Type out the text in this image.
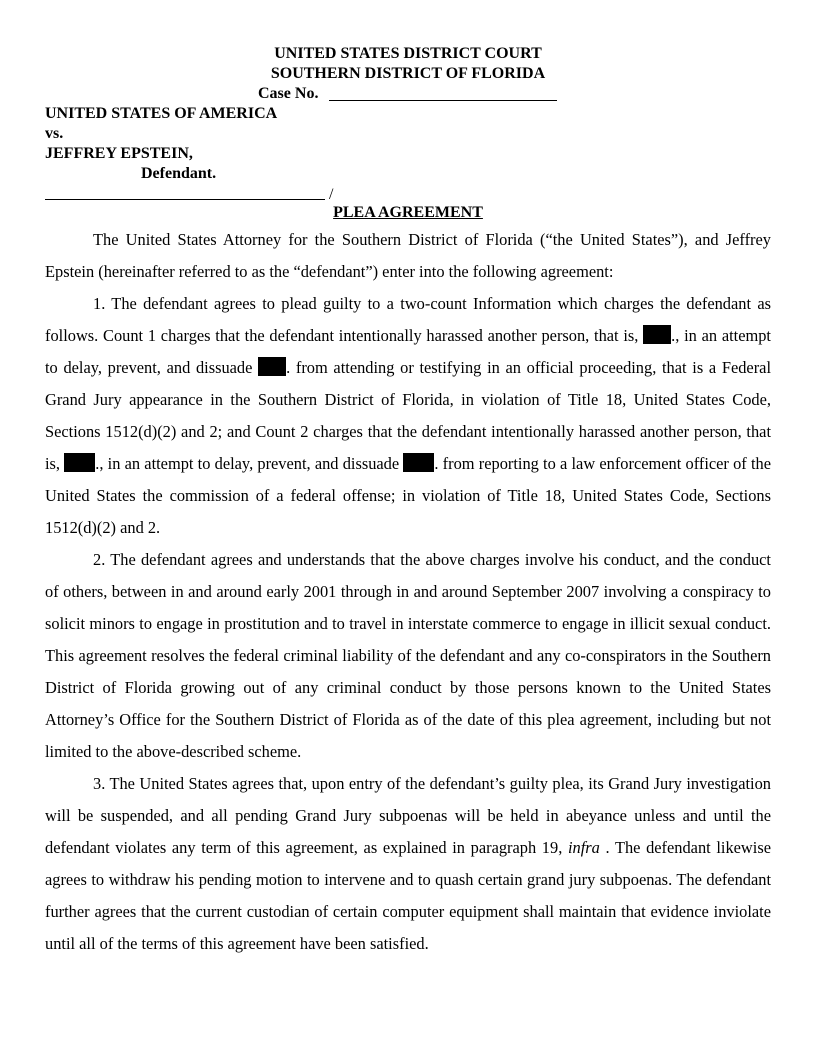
UNITED STATES DISTRICT COURT
SOUTHERN DISTRICT OF FLORIDA
Case No.
UNITED STATES OF AMERICA
vs.
JEFFREY EPSTEIN,
Defendant.
/
PLEA AGREEMENT

The United States Attorney for the Southern District of Florida (“the United States”), and Jeffrey Epstein (hereinafter referred to as the “defendant”) enter into the following agreement:

1. The defendant agrees to plead guilty to a two-count Information which charges the defendant as follows. Count 1 charges that the defendant intentionally harassed another person, that is, ., in an attempt to delay, prevent, and dissuade . from attending or testifying in an official proceeding, that is a Federal Grand Jury appearance in the Southern District of Florida, in violation of Title 18, United States Code, Sections 1512(d)(2) and 2; and Count 2 charges that the defendant intentionally harassed another person, that is, ., in an attempt to delay, prevent, and dissuade . from reporting to a law enforcement officer of the United States the commission of a federal offense; in violation of Title 18, United States Code, Sections 1512(d)(2) and 2.

2. The defendant agrees and understands that the above charges involve his conduct, and the conduct of others, between in and around early 2001 through in and around September 2007 involving a conspiracy to solicit minors to engage in prostitution and to travel in interstate commerce to engage in illicit sexual conduct. This agreement resolves the federal criminal liability of the defendant and any co-conspirators in the Southern District of Florida growing out of any criminal conduct by those persons known to the United States Attorney’s Office for the Southern District of Florida as of the date of this plea agreement, including but not limited to the above-described scheme.

3. The United States agrees that, upon entry of the defendant’s guilty plea, its Grand Jury investigation will be suspended, and all pending Grand Jury subpoenas will be held in abeyance unless and until the defendant violates any term of this agreement, as explained in paragraph 19, infra . The defendant likewise agrees to withdraw his pending motion to intervene and to quash certain grand jury subpoenas. The defendant further agrees that the current custodian of certain computer equipment shall maintain that evidence inviolate until all of the terms of this agreement have been satisfied.
